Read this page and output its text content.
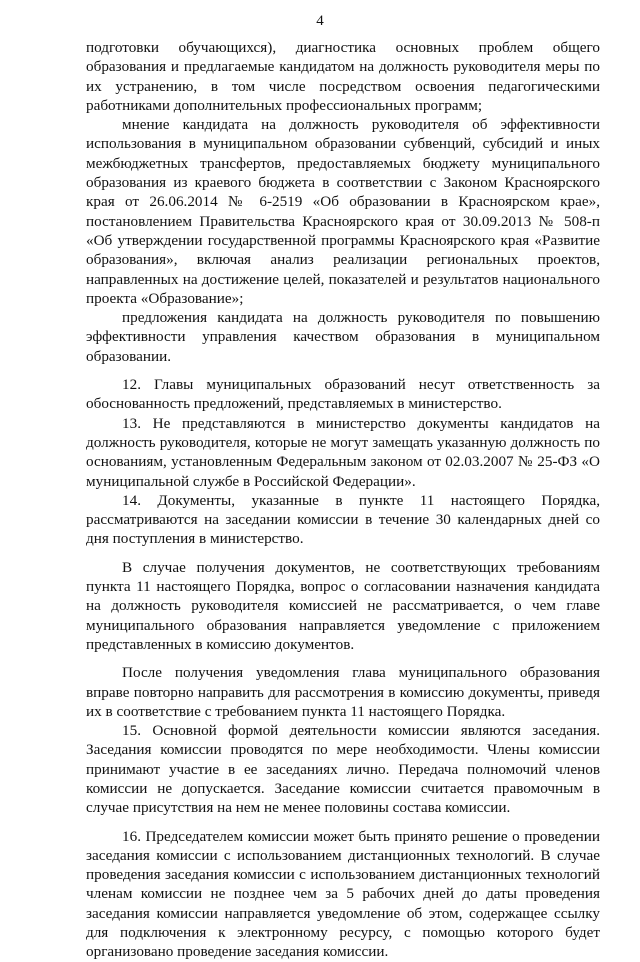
4

подготовки обучающихся), диагностика основных проблем общего образования и предлагаемые кандидатом на должность руководителя меры по их устранению, в том числе посредством освоения педагогическими работниками дополнительных профессиональных программ;

мнение кандидата на должность руководителя об эффективности использования в муниципальном образовании субвенций, субсидий и иных межбюджетных трансфертов, предоставляемых бюджету муниципального образования из краевого бюджета в соответствии с Законом Красноярского края от 26.06.2014 № 6-2519 «Об образовании в Красноярском крае», постановлением Правительства Красноярского края от 30.09.2013 № 508-п «Об утверждении государственной программы Красноярского края «Развитие образования», включая анализ реализации региональных проектов, направленных на достижение целей, показателей и результатов национального проекта «Образование»;

предложения кандидата на должность руководителя по повышению эффективности управления качеством образования в муниципальном образовании.

12. Главы муниципальных образований несут ответственность за обоснованность предложений, представляемых в министерство.

13. Не представляются в министерство документы кандидатов на должность руководителя, которые не могут замещать указанную должность по основаниям, установленным Федеральным законом от 02.03.2007 № 25-ФЗ «О муниципальной службе в Российской Федерации».

14. Документы, указанные в пункте 11 настоящего Порядка, рассматриваются на заседании комиссии в течение 30 календарных дней со дня поступления в министерство.

В случае получения документов, не соответствующих требованиям пункта 11 настоящего Порядка, вопрос о согласовании назначения кандидата на должность руководителя комиссией не рассматривается, о чем главе муниципального образования направляется уведомление с приложением представленных в комиссию документов.

После получения уведомления глава муниципального образования вправе повторно направить для рассмотрения в комиссию документы, приведя их в соответствие с требованием пункта 11 настоящего Порядка.

15. Основной формой деятельности комиссии являются заседания. Заседания комиссии проводятся по мере необходимости. Члены комиссии принимают участие в ее заседаниях лично. Передача полномочий членов комиссии не допускается. Заседание комиссии считается правомочным в случае присутствия на нем не менее половины состава комиссии.

16. Председателем комиссии может быть принято решение о проведении заседания комиссии с использованием дистанционных технологий. В случае проведения заседания комиссии с использованием дистанционных технологий членам комиссии не позднее чем за 5 рабочих дней до даты проведения заседания комиссии направляется уведомление об этом, содержащее ссылку для подключения к электронному ресурсу, с помощью которого будет организовано проведение заседания комиссии.
